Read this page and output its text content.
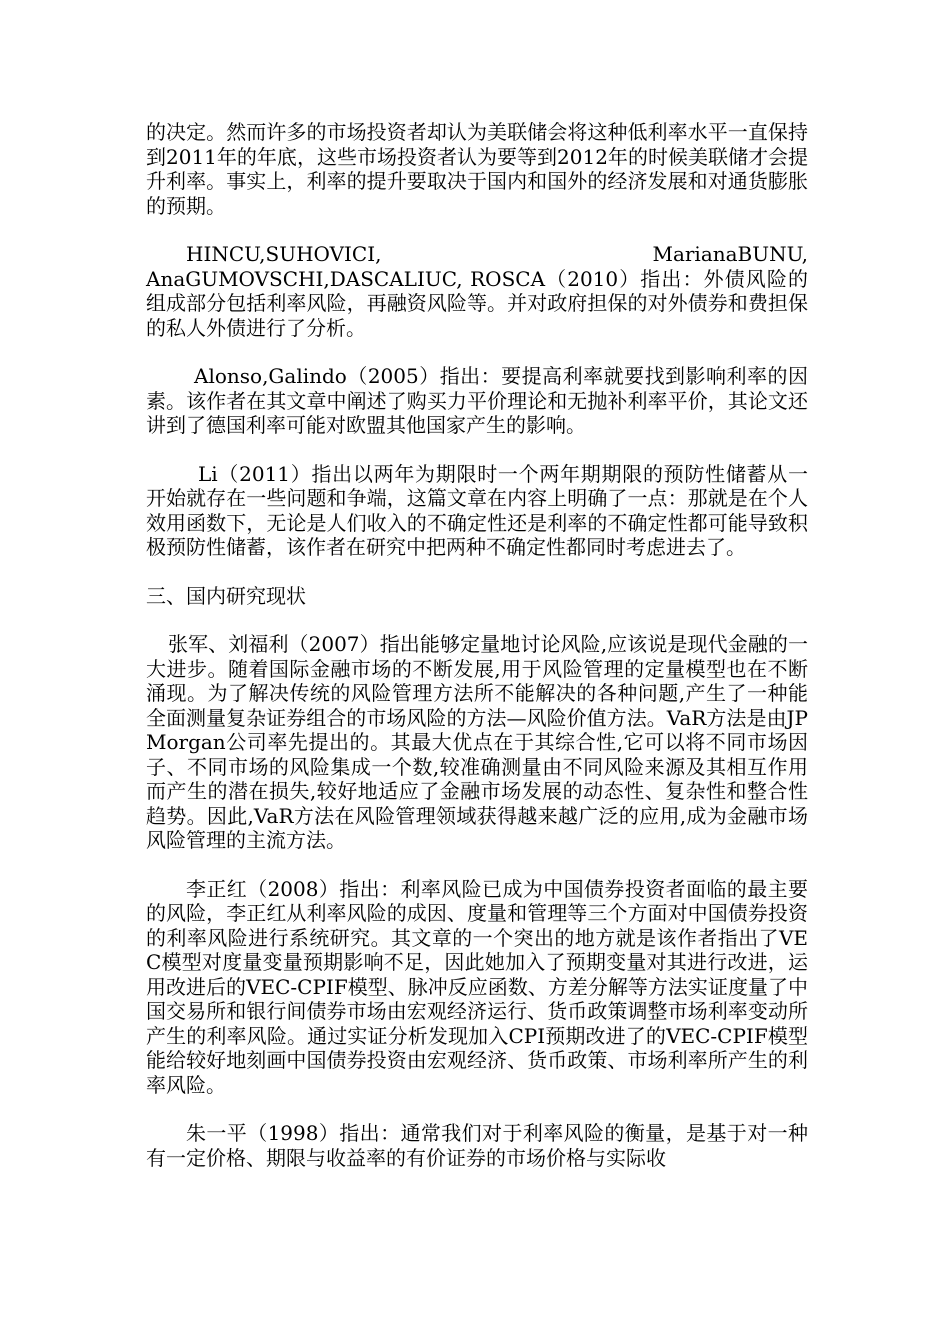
的决定。然而许多的市场投资者却认为美联储会将这种低利率水平一直保持到2011年的年底，这些市场投资者认为要等到2012年的时候美联储才会提升利率。事实上，利率的提升要取决于国内和国外的经济发展和对通货膨胀的预期。

HINCU,SUHOVICI,	MarianaBUNU,
AnaGUMOVSCHI,DASCALIUC, ROSCA（2010）指出：外债风险的组成部分包括利率风险，再融资风险等。并对政府担保的对外债券和费担保的私人外债进行了分析。

Alonso,Galindo（2005）指出：要提高利率就要找到影响利率的因素。该作者在其文章中阐述了购买力平价理论和无抛补利率平价，其论文还讲到了德国利率可能对欧盟其他国家产生的影响。

Li（2011）指出以两年为期限时一个两年期期限的预防性储蓄从一开始就存在一些问题和争端，这篇文章在内容上明确了一点：那就是在个人效用函数下，无论是人们收入的不确定性还是利率的不确定性都可能导致积极预防性储蓄，该作者在研究中把两种不确定性都同时考虑进去了。

三、国内研究现状

张军、刘福利（2007）指出能够定量地讨论风险,应该说是现代金融的一大进步。随着国际金融市场的不断发展,用于风险管理的定量模型也在不断涌现。为了解决传统的风险管理方法所不能解决的各种问题,产生了一种能全面测量复杂证券组合的市场风险的方法—风险价值方法。VaR方法是由JP Morgan公司率先提出的。其最大优点在于其综合性,它可以将不同市场因子、不同市场的风险集成一个数,较准确测量由不同风险来源及其相互作用而产生的潜在损失,较好地适应了金融市场发展的动态性、复杂性和整合性趋势。因此,VaR方法在风险管理领域获得越来越广泛的应用,成为金融市场风险管理的主流方法。

李正红（2008）指出：利率风险已成为中国债券投资者面临的最主要的风险，李正红从利率风险的成因、度量和管理等三个方面对中国债券投资的利率风险进行系统研究。其文章的一个突出的地方就是该作者指出了VEC模型对度量变量预期影响不足，因此她加入了预期变量对其进行改进，运用改进后的VEC-CPIF模型、脉冲反应函数、方差分解等方法实证度量了中国交易所和银行间债券市场由宏观经济运行、货币政策调整市场利率变动所产生的利率风险。通过实证分析发现加入CPI预期改进了的VEC-CPIF模型能给较好地刻画中国债券投资由宏观经济、货币政策、市场利率所产生的利率风险。

朱一平（1998）指出：通常我们对于利率风险的衡量，是基于对一种有一定价格、期限与收益率的有价证券的市场价格与实际收
